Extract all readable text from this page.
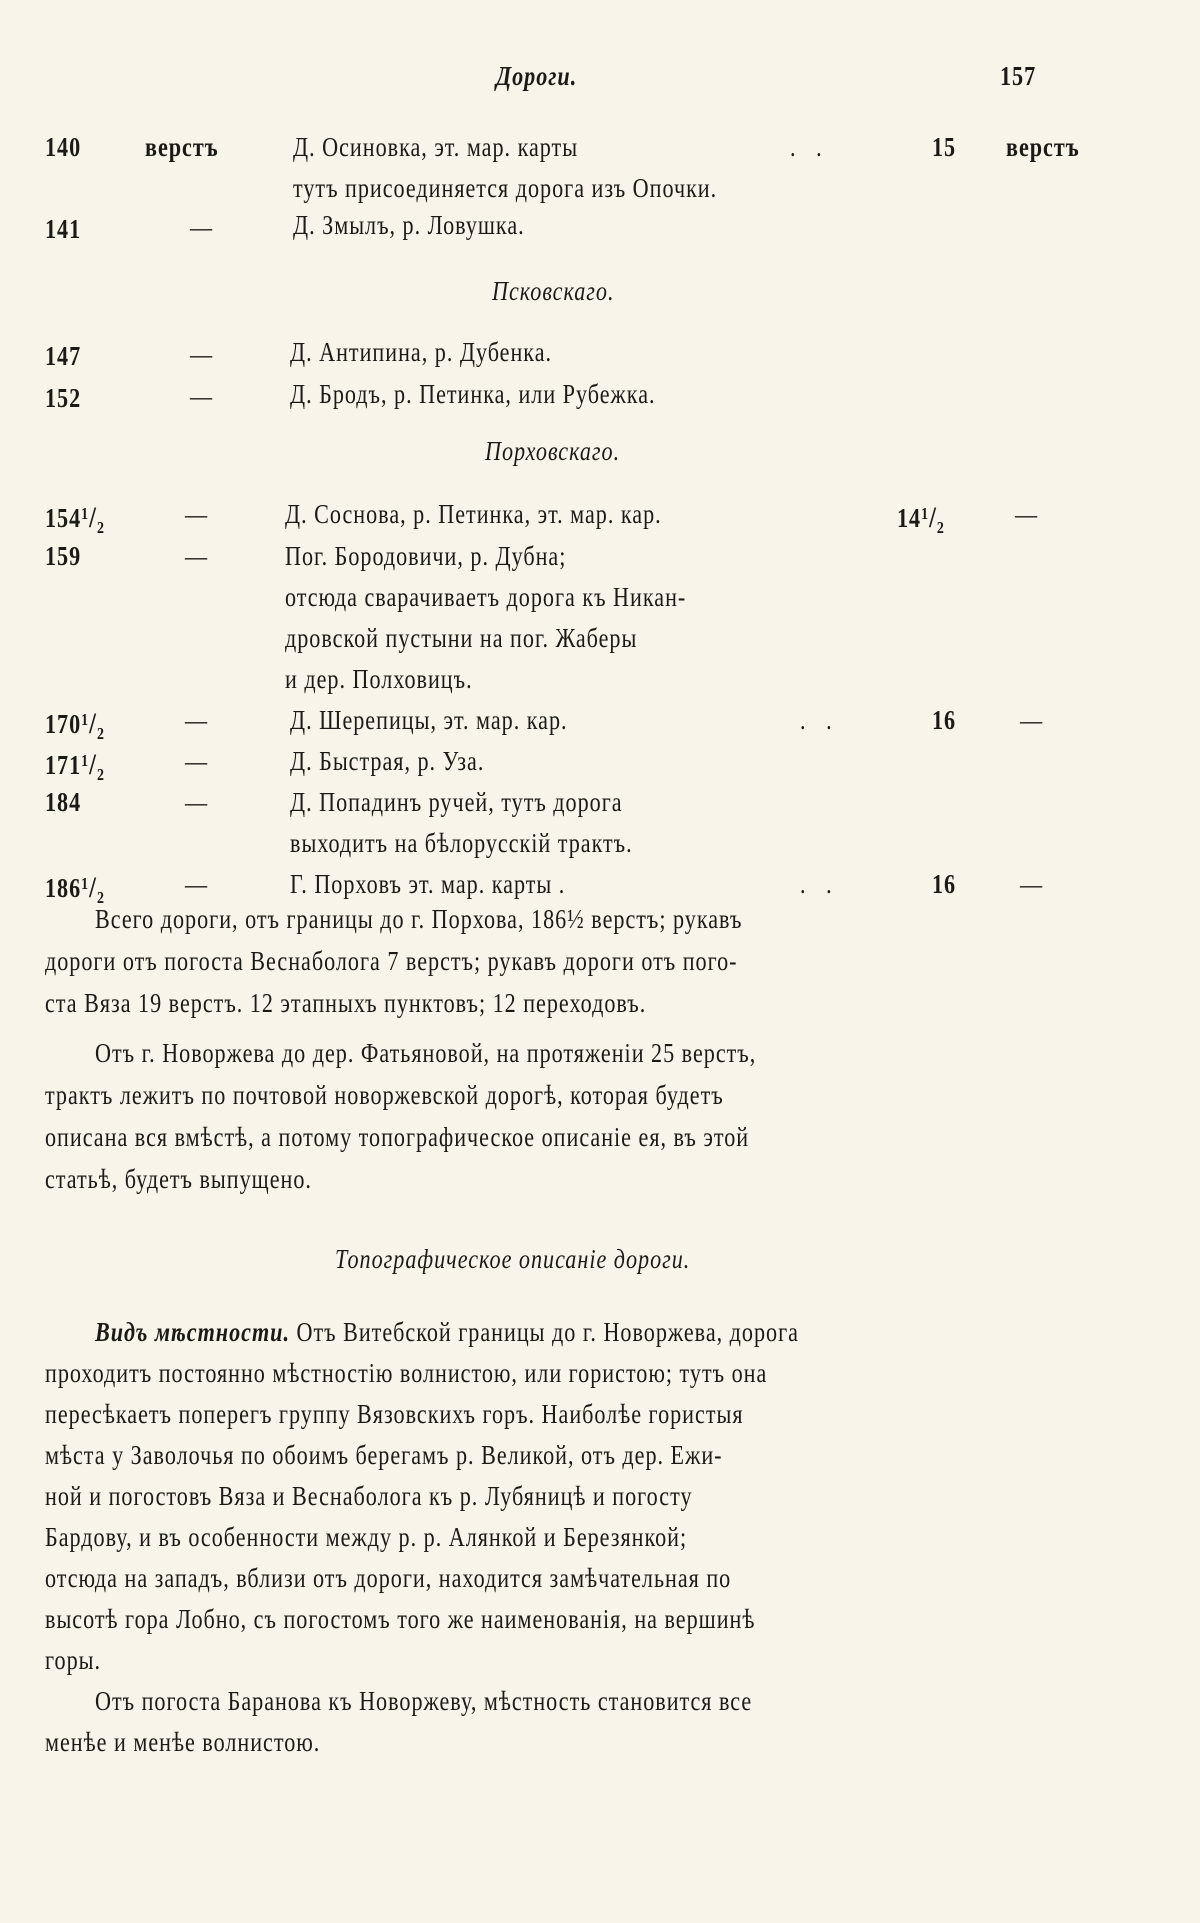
Дороги.	157
140 верстъ	Д. Осиновка, эт. мар. карты	.   .	15 верстъ
тутъ присоединяется дорога изъ Опочки.
141	—	Д. Змылъ, р. Ловушка.
Псковскаго.
147	—	Д. Антипина, р. Дубенка.
152	—	Д. Бродъ, р. Петинка, или Рубежка.
Порховскаго.
$154^1/_2$	—	Д. Соснова, р. Петинка, эт. мар. кар.	$14^1/_2$	—
159	—	Пог. Бородовичи, р. Дубна;
отсюда сварачиваетъ дорога къ Никан-
дровской пустыни на пог. Жаберы
и дер. Полховицъ.
$170^1/_2$	—	Д. Шерепицы, эт. мар. кар.	.   .	16 —
$171^1/_2$	—	Д. Быстрая, р. Уза.
184	—	Д. Попадинъ ручей, тутъ дорога
выходитъ на бѣлорусскій трактъ.
$186^1/_2$	—	Г. Порховъ эт. мар. карты .	.   .	16 —
Всего дороги, отъ границы до г. Порхова, 186½ верстъ; рукавъ
дороги отъ погоста Веснаболога 7 верстъ; рукавъ дороги отъ пого-
ста Вяза 19 верстъ. 12 этапныхъ пунктовъ; 12 переходовъ.
Отъ г. Новоржева до дер. Фатьяновой, на протяженіи 25 верстъ,
трактъ лежитъ по почтовой новоржевской дорогѣ, которая будетъ
описана вся вмѣстѣ, а потому топографическое описаніе ея, въ этой
статьѣ, будетъ выпущено.
Топографическое описаніе дороги.
Видъ мѣстности. Отъ Витебской границы до г. Новоржева, дорога
проходитъ постоянно мѣстностію волнистою, или гористою; тутъ она
пересѣкаетъ поперегъ группу Вязовскихъ горъ. Наиболѣе гористыя
мѣста у Заволочья по обоимъ берегамъ р. Великой, отъ дер. Ежи-
ной и погостовъ Вяза и Веснаболога къ р. Лубяницѣ и погосту
Бардову, и въ особенности между р. р. Алянкой и Березянкой;
отсюда на западъ, вблизи отъ дороги, находится замѣчательная по
высотѣ гора Лобно, съ погостомъ того же наименованія, на вершинѣ
горы.
Отъ погоста Баранова къ Новоржеву, мѣстность становится все
менѣе и менѣе волнистою.
